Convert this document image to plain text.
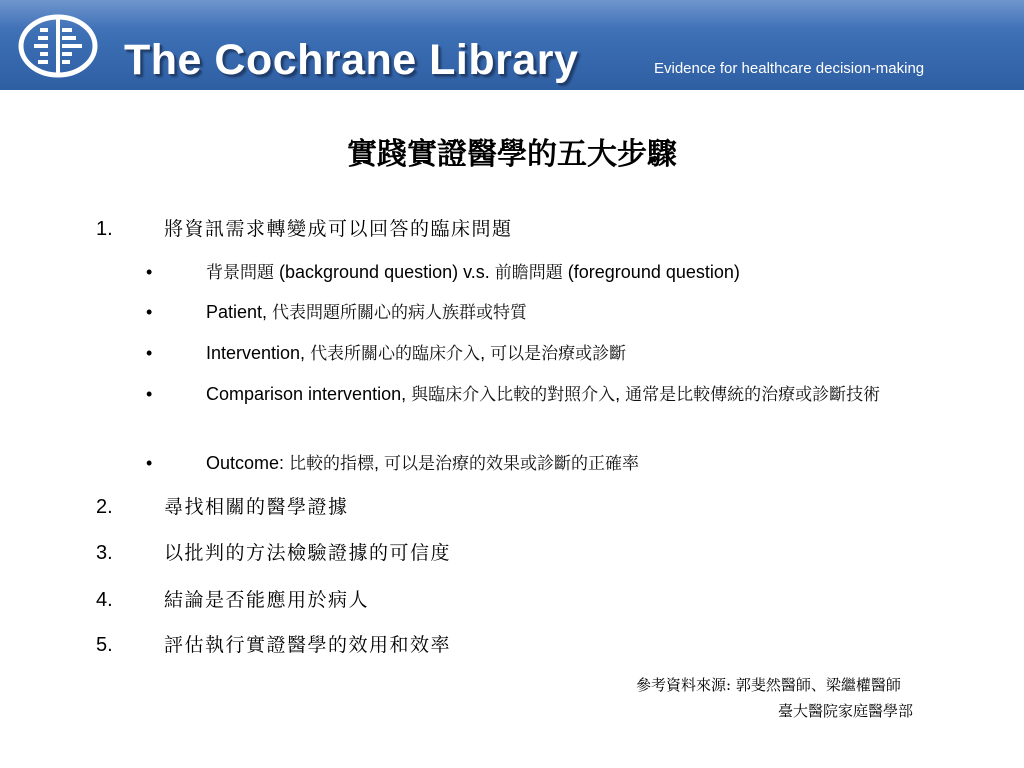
The Cochrane Library	Evidence for healthcare decision-making
實踐實證醫學的五大步驟
1.	將資訊需求轉變成可以回答的臨床問題
•	背景問題 (background question) v.s. 前瞻問題 (foreground question)
•	Patient, 代表問題所關心的病人族群或特質
•	Intervention, 代表所關心的臨床介入, 可以是治療或診斷
•	Comparison intervention, 與臨床介入比較的對照介入, 通常是比較傳統的治療或診斷技術
•	Outcome: 比較的指標, 可以是治療的效果或診斷的正確率
2.	尋找相關的醫學證據
3.	以批判的方法檢驗證據的可信度
4.	結論是否能應用於病人
5.	評估執行實證醫學的效用和效率
參考資料來源: 郭斐然醫師、梁繼權醫師
臺大醫院家庭醫學部
